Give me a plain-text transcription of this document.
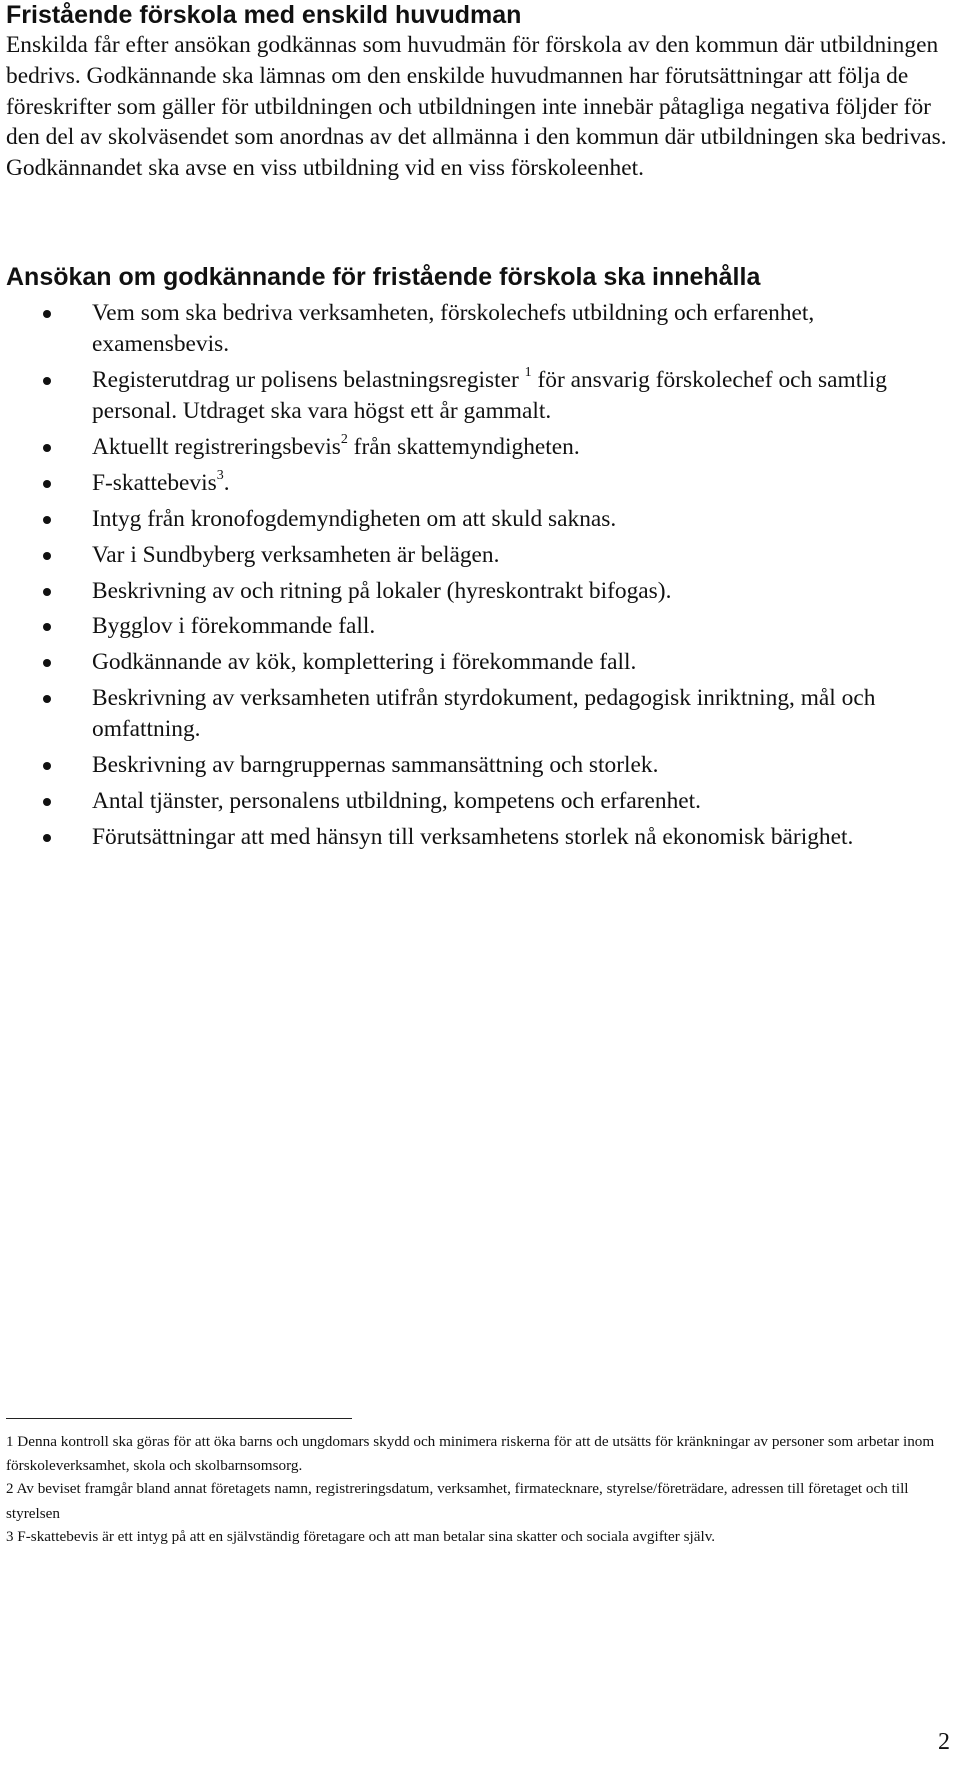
Fristående förskola med enskild huvudman

Enskilda får efter ansökan godkännas som huvudmän för förskola av den kommun där utbildningen bedrivs. Godkännande ska lämnas om den enskilde huvudmannen har förutsättningar att följa de föreskrifter som gäller för utbildningen och utbildningen inte innebär påtagliga negativa följder för den del av skolväsendet som anordnas av det allmänna i den kommun där utbildningen ska bedrivas. Godkännandet ska avse en viss utbildning vid en viss förskoleenhet.

Ansökan om godkännande för fristående förskola ska innehålla
Vem som ska bedriva verksamheten, förskolechefs utbildning och erfarenhet, examensbevis.
Registerutdrag ur polisens belastningsregister $^1$ för ansvarig förskolechef och samtlig personal. Utdraget ska vara högst ett år gammalt.
Aktuellt registreringsbevis$^2$ från skattemyndigheten.
F-skattebevis$^3$.
Intyg från kronofogdemyndigheten om att skuld saknas.
Var i Sundbyberg verksamheten är belägen.
Beskrivning av och ritning på lokaler (hyreskontrakt bifogas).
Bygglov i förekommande fall.
Godkännande av kök, komplettering i förekommande fall.
Beskrivning av verksamheten utifrån styrdokument, pedagogisk inriktning, mål och omfattning.
Beskrivning av barngruppernas sammansättning och storlek.
Antal tjänster, personalens utbildning, kompetens och erfarenhet.
Förutsättningar att med hänsyn till verksamhetens storlek nå ekonomisk bärighet.

1 Denna kontroll ska göras för att öka barns och ungdomars skydd och minimera riskerna för att de utsätts för kränkningar av personer som arbetar inom förskoleverksamhet, skola och skolbarnsomsorg.

2 Av beviset framgår bland annat företagets namn, registreringsdatum, verksamhet, firmatecknare, styrelse/företrädare, adressen till företaget och till styrelsen

3 F-skattebevis är ett intyg på att en självständig företagare och att man betalar sina skatter och sociala avgifter själv.

2
